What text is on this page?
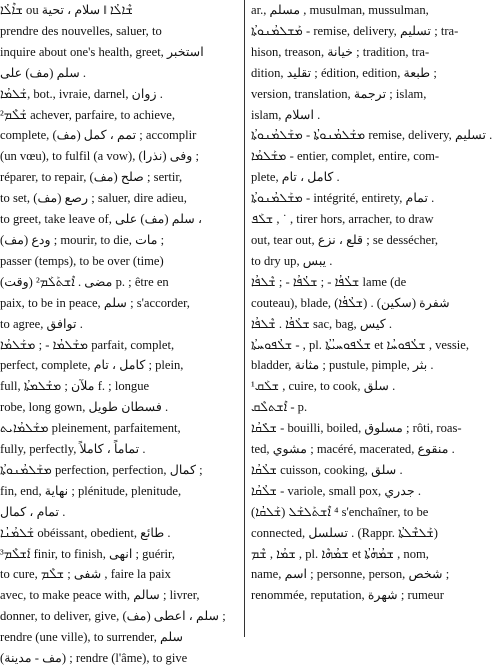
ܫܐܶܠܳܐ ou ܫܶܐܠܳܐ ‖ سلام ، تحية
prendre des nouvelles, saluer, to
inquire about one's health, greet, استخبر
سلم (مف) على .
ܫܰܠܡܳܐ, bot., ivraie, darnel, زوان .
ܫܰܠܶܡ² achever, parfaire, to achieve,
complete, (مف) تمم ، كمل ; accomplir
(un vœu), to fulfil (a vow), (نذرا) وفى ;
réparer, to repair, (مف) صلح ; sertir,
to set, (مف) رصع ; saluer, dire adieu,
to greet, take leave of, سلم (مف) على ،
(مف) ودع ; mourir, to die, مات ;
passer (temps), to be over (time)
(وقت) مضى . ܐܶܫܬܰܠܰܡ² p. ; être en
paix, to be in peace, سلم ; s'accorder,
to agree, توافق .
ܡܫܰܠܡܳܐ - ; ܡܫܰܠܡܳܐ parfait, complet,
perfect, complete, كامل ، تام ; plein,
full, ملآن ; ܡܫܰܠܡܬܳܐ f. ; longue
robe, long gown, فسطان طويل .
ܡܫܰܠܡܳܐܝܬ pleinement, parfaitement,
fully, perfectly, تماماً ، كاملاً .
ܡܫܰܠܡܳܢܘܬܳܐ perfection, perfection, كمال ;
fin, end, نهاية ; plénitude, plenitude,
تمام ، كمال .
ܫܰܠܡܳܢܳܐ obéissant, obedient, طائع .
ܐܰܫܠܶܡ³ finir, to finish, انهى ; guérir,
to cure, شفى ; ܫܠܶܡ , faire la paix
avec, to make peace with, سالم ; livrer,
donner, to deliver, give, (مف) سلم ، اعطى ;
rendre (une ville), to surrender, سلم
(مف - مدينة) ; rendre (l'âme), to give
ar., مسلم , musulman, mussulman,
ܡܰܫܠܡܳܢܘܬܳܐ - remise, delivery, تسليم ; tra-
hison, treason, خيانة ; tradition, tra-
dition, تقليد ; édition, edition, طبعة ;
version, translation, ترجمة ; islam,
islam, اسلام .
ܡܫܰܠܡܳܢܘܬܳܐ - ܡܫܰܠܡܳܢܘܬܳܐ remise, delivery, تسليم .
ܡܫܰܠܡܳܐ - entier, complet, entire, com-
plete, كامل ، تام .
ܡܫܰܠܡܳܢܘܬܳܐ - intégrité, entirety, تمام .
ܫܠܰܦ , ˙ , tirer hors, arracher, to draw
out, tear out, قلع ، نزع ; se dessécher,
to dry up, يبس .
ܫܠܳܦܳܐ - ; ܫܠܳܦܳܐ - ; ܫܶܠܦܳܐ lame (de
couteau), blade, شفرة (سكين) . (ܫܠܳܦܳܐ)
ܫܠܳܦܳܐ . ܫܶܠܦܳܐ sac, bag, كيس .
ܫܠܳܦܘܚܬܳܐ - , pl. ܫܠܳܦܘܚܝܳܬܳܐ et ܫܠܳܦܘܚܳܐ , vessie,
bladder, مثانة ; pustule, pimple, بثر .
ܫܠܰܩ¹ , cuire, to cook, سلق .
ܐܶܫܬܠܶܩ - p.
ܫܠܺܩܳܐ - bouilli, boiled, مسلوق ; rôti, roas-
ted, مشوي ; macéré, macerated, منقوع .
ܫܠܳܩܳܐ cuisson, cooking, سلق .
ܫܠܳܩܳܐ - variole, small pox, جدري .
(ܫܰܠܩܳܐ) ⁴ ܐܶܫܬܰܠܫܰܠ s'enchaîner, to be
connected, تسلسل . (Rappr. ܫܰܠܫܶܠܬܳܐ)
ܫܡܳܐ , ܫܶܡ , pl. ܫܡܳܗܶܐ et ܫܡܳܗܳܬܳܐ , nom,
name, اسم ; personne, person, شخص ;
renommée, reputation, شهرة ; rumeur
